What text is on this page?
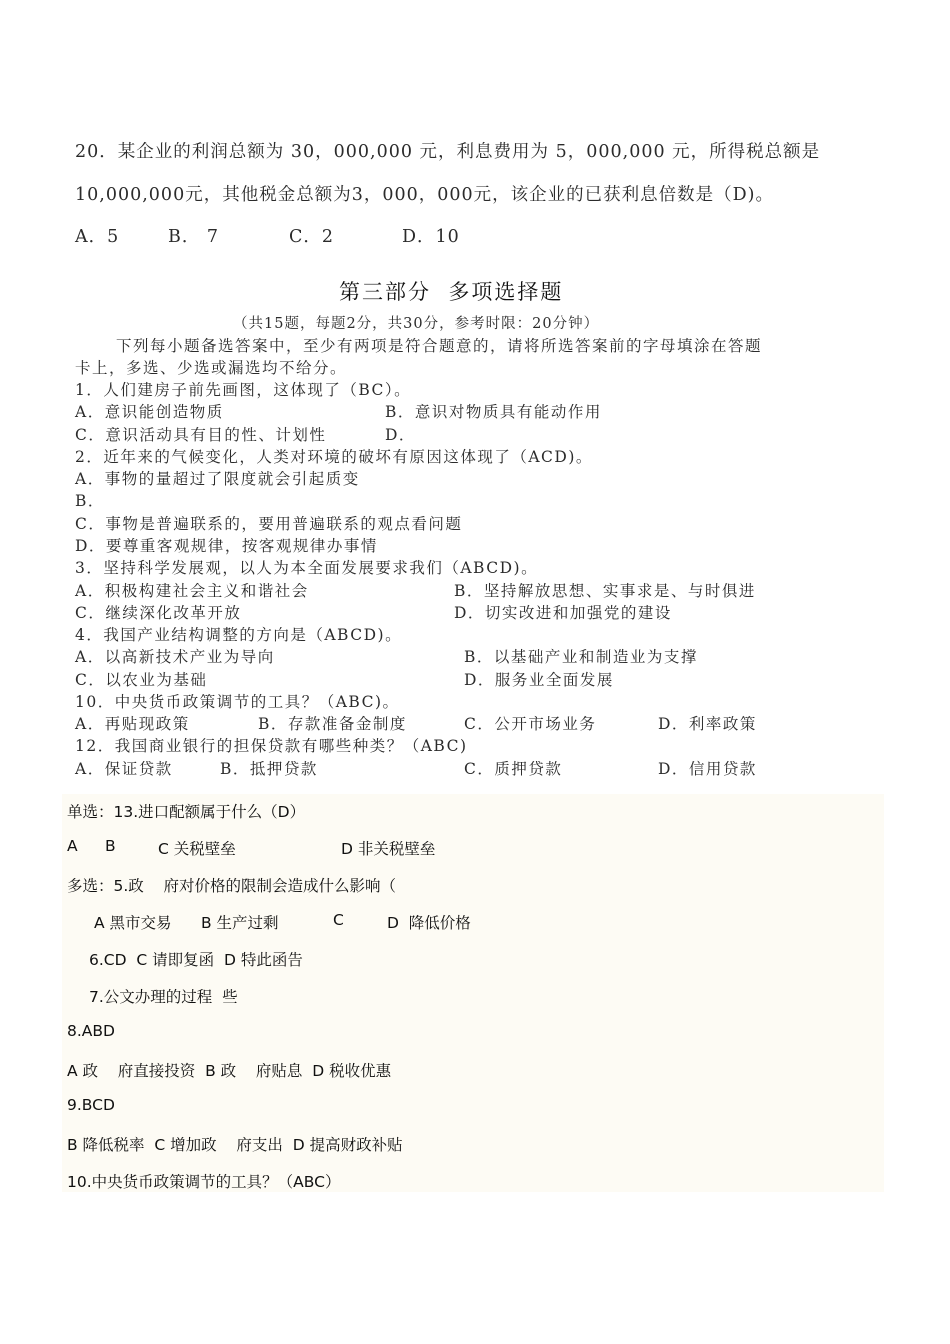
20．某企业的利润总额为 30，000,000 元，利息费用为 5，000,000 元，所得税总额是
10,000,000元，其他税金总额为3，000，000元，该企业的已获利息倍数是（D)。
A．5	B． 7	C．2	D．10
第三部分  多项选择题
（共15题，每题2分，共30分，参考时限：20分钟）
下列每小题备选答案中，至少有两项是符合题意的，请将所选答案前的字母填涂在答题
卡上，多选、少选或漏选均不给分。
1．人们建房子前先画图，这体现了（BC）。
A．意识能创造物质	B．意识对物质具有能动作用
C．意识活动具有目的性、计划性	D．
2．近年来的气候变化，人类对环境的破坏有原因这体现了（ACD)。
A．事物的量超过了限度就会引起质变
B．
C．事物是普遍联系的，要用普遍联系的观点看问题
D．要尊重客观规律，按客观规律办事情
3．坚持科学发展观，以人为本全面发展要求我们（ABCD)。
A．积极构建社会主义和谐社会	B．坚持解放思想、实事求是、与时俱进
C．继续深化改革开放	D．切实改进和加强党的建设
4．我国产业结构调整的方向是（ABCD)。
A．以高新技术产业为导向	B．以基础产业和制造业为支撑
C．以农业为基础	D．服务业全面发展
10．中央货币政策调节的工具？（ABC)。
A．再贴现政策	B．存款准备金制度	C．公开市场业务	D．利率政策
12．我国商业银行的担保贷款有哪些种类？（ABC)
A．保证贷款	B．抵押贷款	C．质押贷款	D．信用贷款
单选：13.进口配额属于什么（D）
A B	C 关税壁垒	D 非关税壁垒
多选：5.政    府对价格的限制会造成什么影响（
A 黑市交易 B 生产过剩	C	D  降低价格
6.CD  C 请即复函  D 特此函告
7.公文办理的过程  些
8.ABD
A 政    府直接投资  B 政    府贴息  D 税收优惠
9.BCD
B 降低税率  C 增加政    府支出  D 提高财政补贴
10.中央货币政策调节的工具？（ABC）
